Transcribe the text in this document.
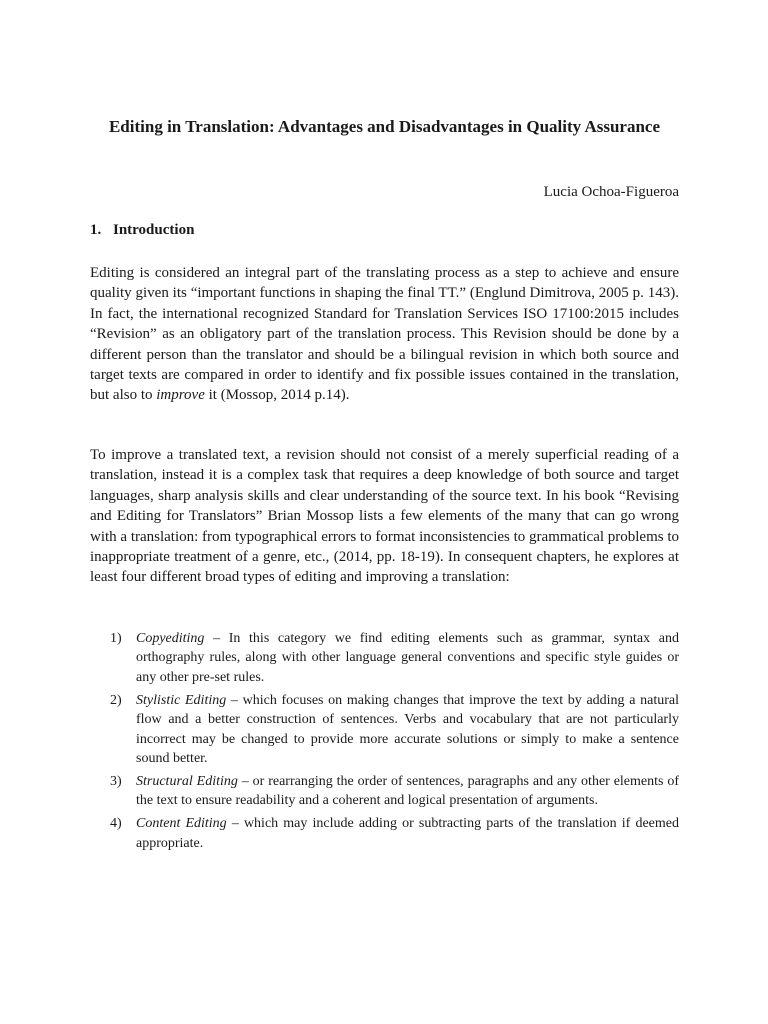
Editing in Translation: Advantages and Disadvantages in Quality Assurance

Lucia Ochoa-Figueroa

1. Introduction

Editing is considered an integral part of the translating process as a step to achieve and ensure quality given its “important functions in shaping the final TT.” (Englund Dimitrova, 2005 p. 143). In fact, the international recognized Standard for Translation Services ISO 17100:2015 includes “Revision” as an obligatory part of the translation process. This Revision should be done by a different person than the translator and should be a bilingual revision in which both source and target texts are compared in order to identify and fix possible issues contained in the translation, but also to improve it (Mossop, 2014 p.14).

To improve a translated text, a revision should not consist of a merely superficial reading of a translation, instead it is a complex task that requires a deep knowledge of both source and target languages, sharp analysis skills and clear understanding of the source text. In his book “Revising and Editing for Translators” Brian Mossop lists a few elements of the many that can go wrong with a translation: from typographical errors to format inconsistencies to grammatical problems to inappropriate treatment of a genre, etc., (2014, pp. 18-19). In consequent chapters, he explores at least four different broad types of editing and improving a translation:

1) Copyediting – In this category we find editing elements such as grammar, syntax and orthography rules, along with other language general conventions and specific style guides or any other pre-set rules.
2) Stylistic Editing – which focuses on making changes that improve the text by adding a natural flow and a better construction of sentences. Verbs and vocabulary that are not particularly incorrect may be changed to provide more accurate solutions or simply to make a sentence sound better.
3) Structural Editing – or rearranging the order of sentences, paragraphs and any other elements of the text to ensure readability and a coherent and logical presentation of arguments.
4) Content Editing – which may include adding or subtracting parts of the translation if deemed appropriate.
